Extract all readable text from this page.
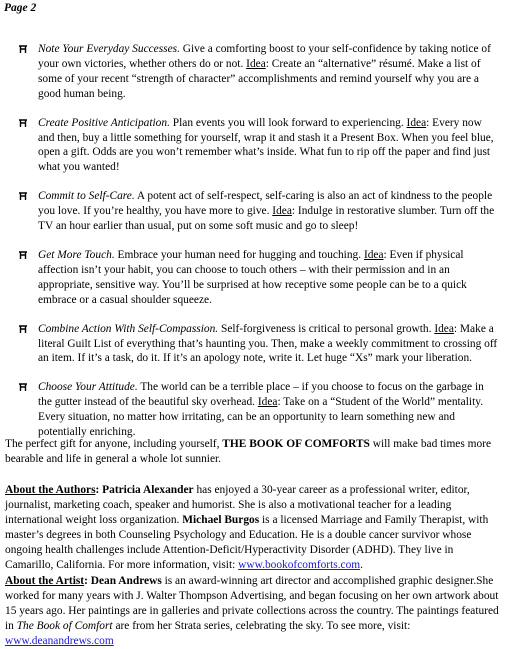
Page 2
Note Your Everyday Successes. Give a comforting boost to your self-confidence by taking notice of your own victories, whether others do or not. Idea: Create an “alternative” résumé. Make a list of some of your recent “strength of character” accomplishments and remind yourself why you are a good human being.
Create Positive Anticipation. Plan events you will look forward to experiencing. Idea: Every now and then, buy a little something for yourself, wrap it and stash it a Present Box. When you feel blue, open a gift. Odds are you won’t remember what’s inside. What fun to rip off the paper and find just what you wanted!
Commit to Self-Care. A potent act of self-respect, self-caring is also an act of kindness to the people you love. If you’re healthy, you have more to give. Idea: Indulge in restorative slumber. Turn off the TV an hour earlier than usual, put on some soft music and go to sleep!
Get More Touch. Embrace your human need for hugging and touching. Idea: Even if physical affection isn’t your habit, you can choose to touch others – with their permission and in an appropriate, sensitive way. You’ll be surprised at how receptive some people can be to a quick embrace or a casual shoulder squeeze.
Combine Action With Self-Compassion. Self-forgiveness is critical to personal growth. Idea: Make a literal Guilt List of everything that’s haunting you. Then, make a weekly commitment to crossing off an item. If it’s a task, do it. If it’s an apology note, write it. Let huge “Xs” mark your liberation.
Choose Your Attitude. The world can be a terrible place – if you choose to focus on the garbage in the gutter instead of the beautiful sky overhead. Idea: Take on a “Student of the World” mentality. Every situation, no matter how irritating, can be an opportunity to learn something new and potentially enriching.
The perfect gift for anyone, including yourself, THE BOOK OF COMFORTS will make bad times more bearable and life in general a whole lot sunnier.
About the Authors: Patricia Alexander has enjoyed a 30-year career as a professional writer, editor, journalist, marketing coach, speaker and humorist. She is also a motivational teacher for a leading international weight loss organization. Michael Burgos is a licensed Marriage and Family Therapist, with master’s degrees in both Counseling Psychology and Education. He is a double cancer survivor whose ongoing health challenges include Attention-Deficit/Hyperactivity Disorder (ADHD). They live in Camarillo, California. For more information, visit: www.bookofcomforts.com.
About the Artist: Dean Andrews is an award-winning art director and accomplished graphic designer.She worked for many years with J. Walter Thompson Advertising, and began focusing on her own artwork about 15 years ago. Her paintings are in galleries and private collections across the country. The paintings featured in The Book of Comfort are from her Strata series, celebrating the sky. To see more, visit: www.deanandrews.com
